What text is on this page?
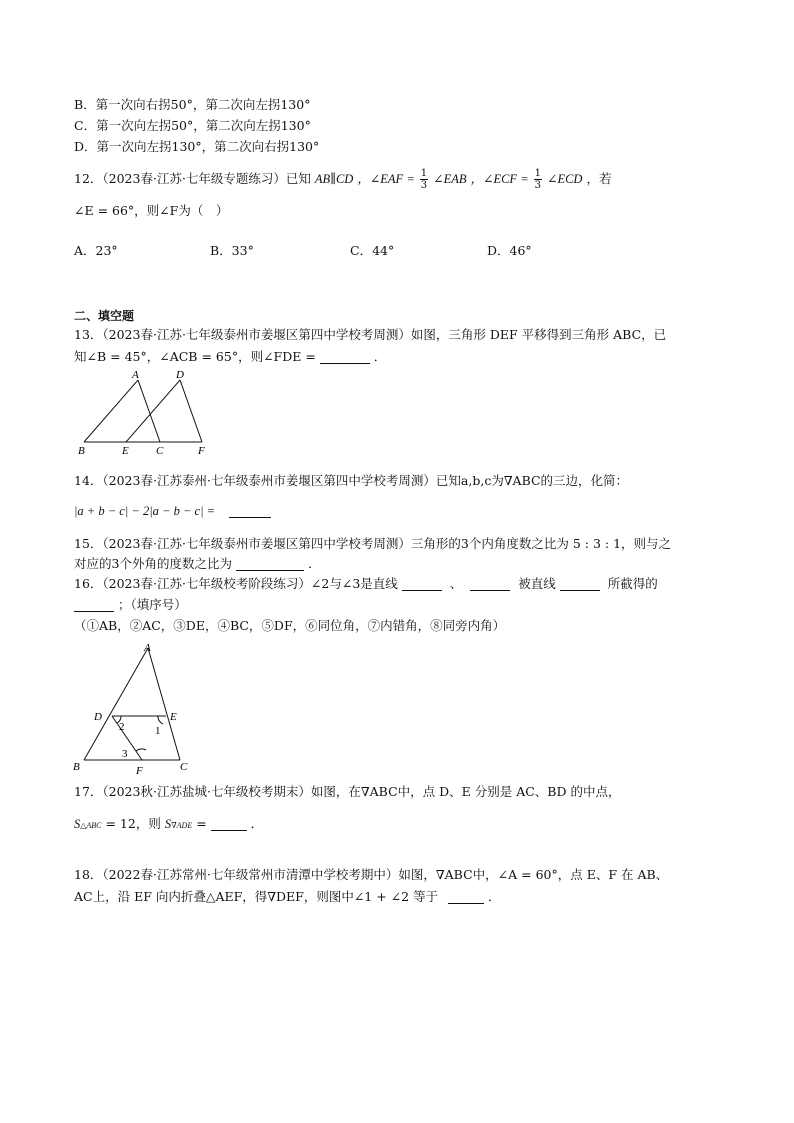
B．第一次向右拐50°，第二次向左拐130°
C．第一次向左拐50°，第二次向左拐130°
D．第一次向左拐130°，第二次向右拐130°
12．（2023春·江苏·七年级专题练习）已知 AB∥CD ，∠EAF = $\frac{1}{3}$ ∠EAB ，∠ECF = $\frac{1}{3}$ ∠ECD ，若
∠E = 66°，则∠F为（　）
A．23°	B．33°	C．44°	D．46°
二、填空题
13．（2023春·江苏·七年级泰州市姜堰区第四中学校考周测）如图，三角形 DEF 平移得到三角形 ABC，已
知∠B = 45°，∠ACB = 65°，则∠FDE =	．
A	D
B	E C	F
14．（2023春·江苏泰州·七年级泰州市姜堰区第四中学校考周测）已知a,b,c为∇ABC的三边，化简：
|a + b − c| − 2|a − b − c| =
15．（2023春·江苏·七年级泰州市姜堰区第四中学校考周测）三角形的3个内角度数之比为 5 : 3 : 1，则与之
对应的3个外角的度数之比为	．
16．（2023春·江苏·七年级校考阶段练习）∠2与∠3是直线	、	被直线	所截得的
；（填序号）
（①AB，②AC，③DE，④BC，⑤DF，⑥同位角，⑦内错角，⑧同旁内角）
A
D	E
B	F	C
1
2
3
17．（2023秋·江苏盐城·七年级校考期末）如图，在∇ABC中，点 D、E 分别是 AC、BD 的中点，
S△ABC = 12，则 S∇ADE =	．
18．（2022春·江苏常州·七年级常州市清潭中学校考期中）如图，∇ABC中，∠A = 60°，点 E、F 在 AB、
AC上，沿 EF 向内折叠△AEF，得∇DEF，则图中∠1 + ∠2 等于	．
